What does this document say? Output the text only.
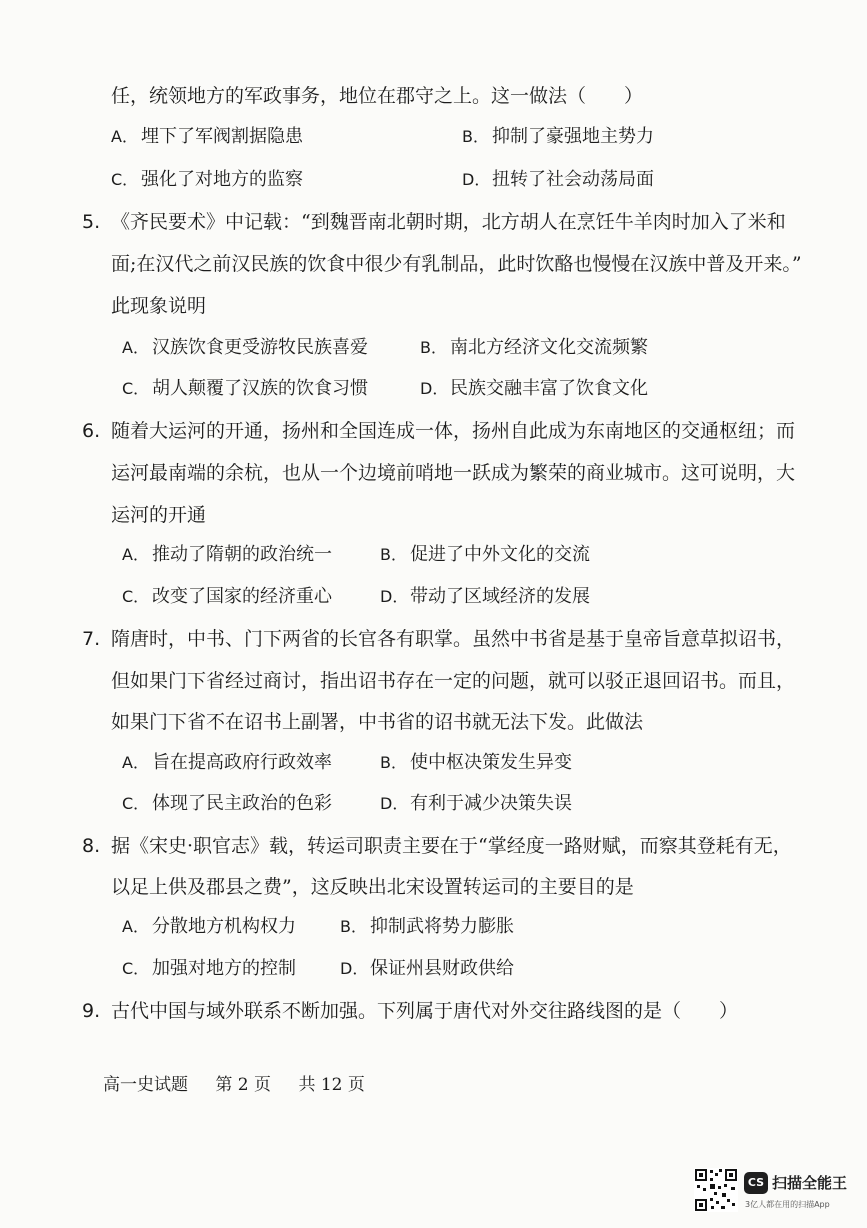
任，统领地方的军政事务，地位在郡守之上。这一做法（　　）
A． 埋下了军阀割据隐患	B． 抑制了豪强地主势力
C． 强化了对地方的监察	D．扭转了社会动荡局面
5. 《齐民要术》中记载：“到魏晋南北朝时期，北方胡人在烹饪牛羊肉时加入了米和
面;在汉代之前汉民族的饮食中很少有乳制品，此时饮酪也慢慢在汉族中普及开来。”
此现象说明
A． 汉族饮食更受游牧民族喜爱	B． 南北方经济文化交流频繁
C． 胡人颠覆了汉族的饮食习惯	D．民族交融丰富了饮食文化
6. 随着大运河的开通，扬州和全国连成一体，扬州自此成为东南地区的交通枢纽；而
运河最南端的余杭，也从一个边境前哨地一跃成为繁荣的商业城市。这可说明，大
运河的开通
A． 推动了隋朝的政治统一	B． 促进了中外文化的交流
C． 改变了国家的经济重心	D．带动了区域经济的发展
7. 隋唐时，中书、门下两省的长官各有职掌。虽然中书省是基于皇帝旨意草拟诏书，
但如果门下省经过商讨，指出诏书存在一定的问题，就可以驳正退回诏书。而且，
如果门下省不在诏书上副署，中书省的诏书就无法下发。此做法
A． 旨在提高政府行政效率	B． 使中枢决策发生异变
C． 体现了民主政治的色彩	D．有利于减少决策失误
8. 据《宋史·职官志》载，转运司职责主要在于“掌经度一路财赋，而察其登耗有无，
以足上供及郡县之费”，这反映出北宋设置转运司的主要目的是
A． 分散地方机构权力	B． 抑制武将势力膨胀
C． 加强对地方的控制	D．保证州县财政供给
9. 古代中国与域外联系不断加强。下列属于唐代对外交往路线图的是（　　）
高一史试题 第 2 页 共 12 页
CS 扫描全能王
3亿人都在用的扫描App
